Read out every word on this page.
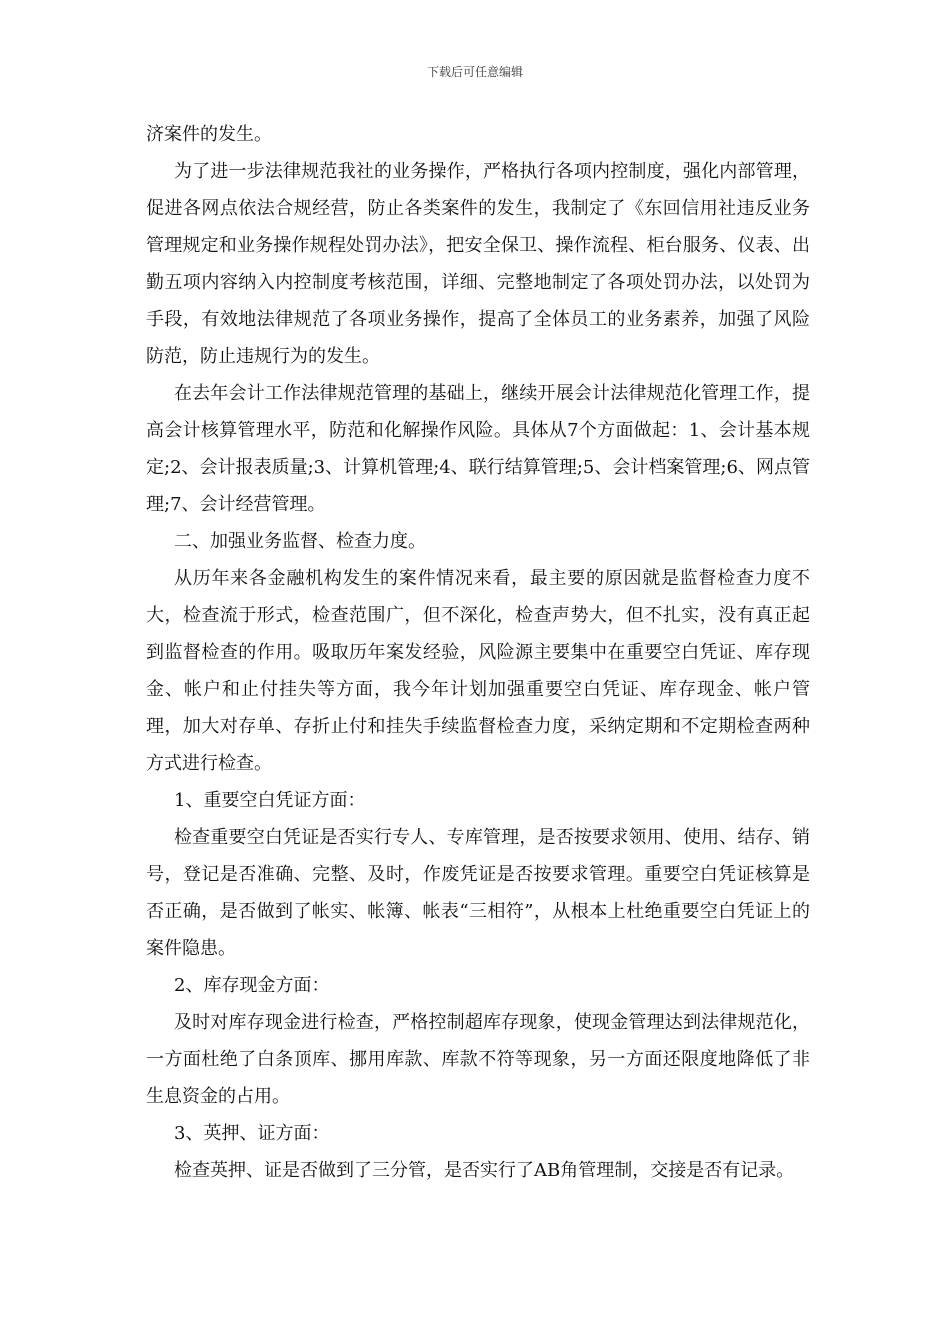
下载后可任意编辑

济案件的发生。

为了进一步法律规范我社的业务操作，严格执行各项内控制度，强化内部管理，促进各网点依法合规经营，防止各类案件的发生，我制定了《东回信用社违反业务管理规定和业务操作规程处罚办法》，把安全保卫、操作流程、柜台服务、仪表、出勤五项内容纳入内控制度考核范围，详细、完整地制定了各项处罚办法，以处罚为手段，有效地法律规范了各项业务操作，提高了全体员工的业务素养，加强了风险防范，防止违规行为的发生。

在去年会计工作法律规范管理的基础上，继续开展会计法律规范化管理工作，提高会计核算管理水平，防范和化解操作风险。具体从7个方面做起：1、会计基本规定;2、会计报表质量;3、计算机管理;4、联行结算管理;5、会计档案管理;6、网点管理;7、会计经营管理。

二、加强业务监督、检查力度。

从历年来各金融机构发生的案件情况来看，最主要的原因就是监督检查力度不大，检查流于形式，检查范围广，但不深化，检查声势大，但不扎实，没有真正起到监督检查的作用。吸取历年案发经验，风险源主要集中在重要空白凭证、库存现金、帐户和止付挂失等方面，我今年计划加强重要空白凭证、库存现金、帐户管理，加大对存单、存折止付和挂失手续监督检查力度，采纳定期和不定期检查两种方式进行检查。

1、重要空白凭证方面：

检查重要空白凭证是否实行专人、专库管理，是否按要求领用、使用、结存、销号，登记是否准确、完整、及时，作废凭证是否按要求管理。重要空白凭证核算是否正确，是否做到了帐实、帐簿、帐表“三相符”，从根本上杜绝重要空白凭证上的案件隐患。

2、库存现金方面：

及时对库存现金进行检查，严格控制超库存现象，使现金管理达到法律规范化，一方面杜绝了白条顶库、挪用库款、库款不符等现象，另一方面还限度地降低了非生息资金的占用。

3、英押、证方面：

检查英押、证是否做到了三分管，是否实行了AB角管理制，交接是否有记录。
